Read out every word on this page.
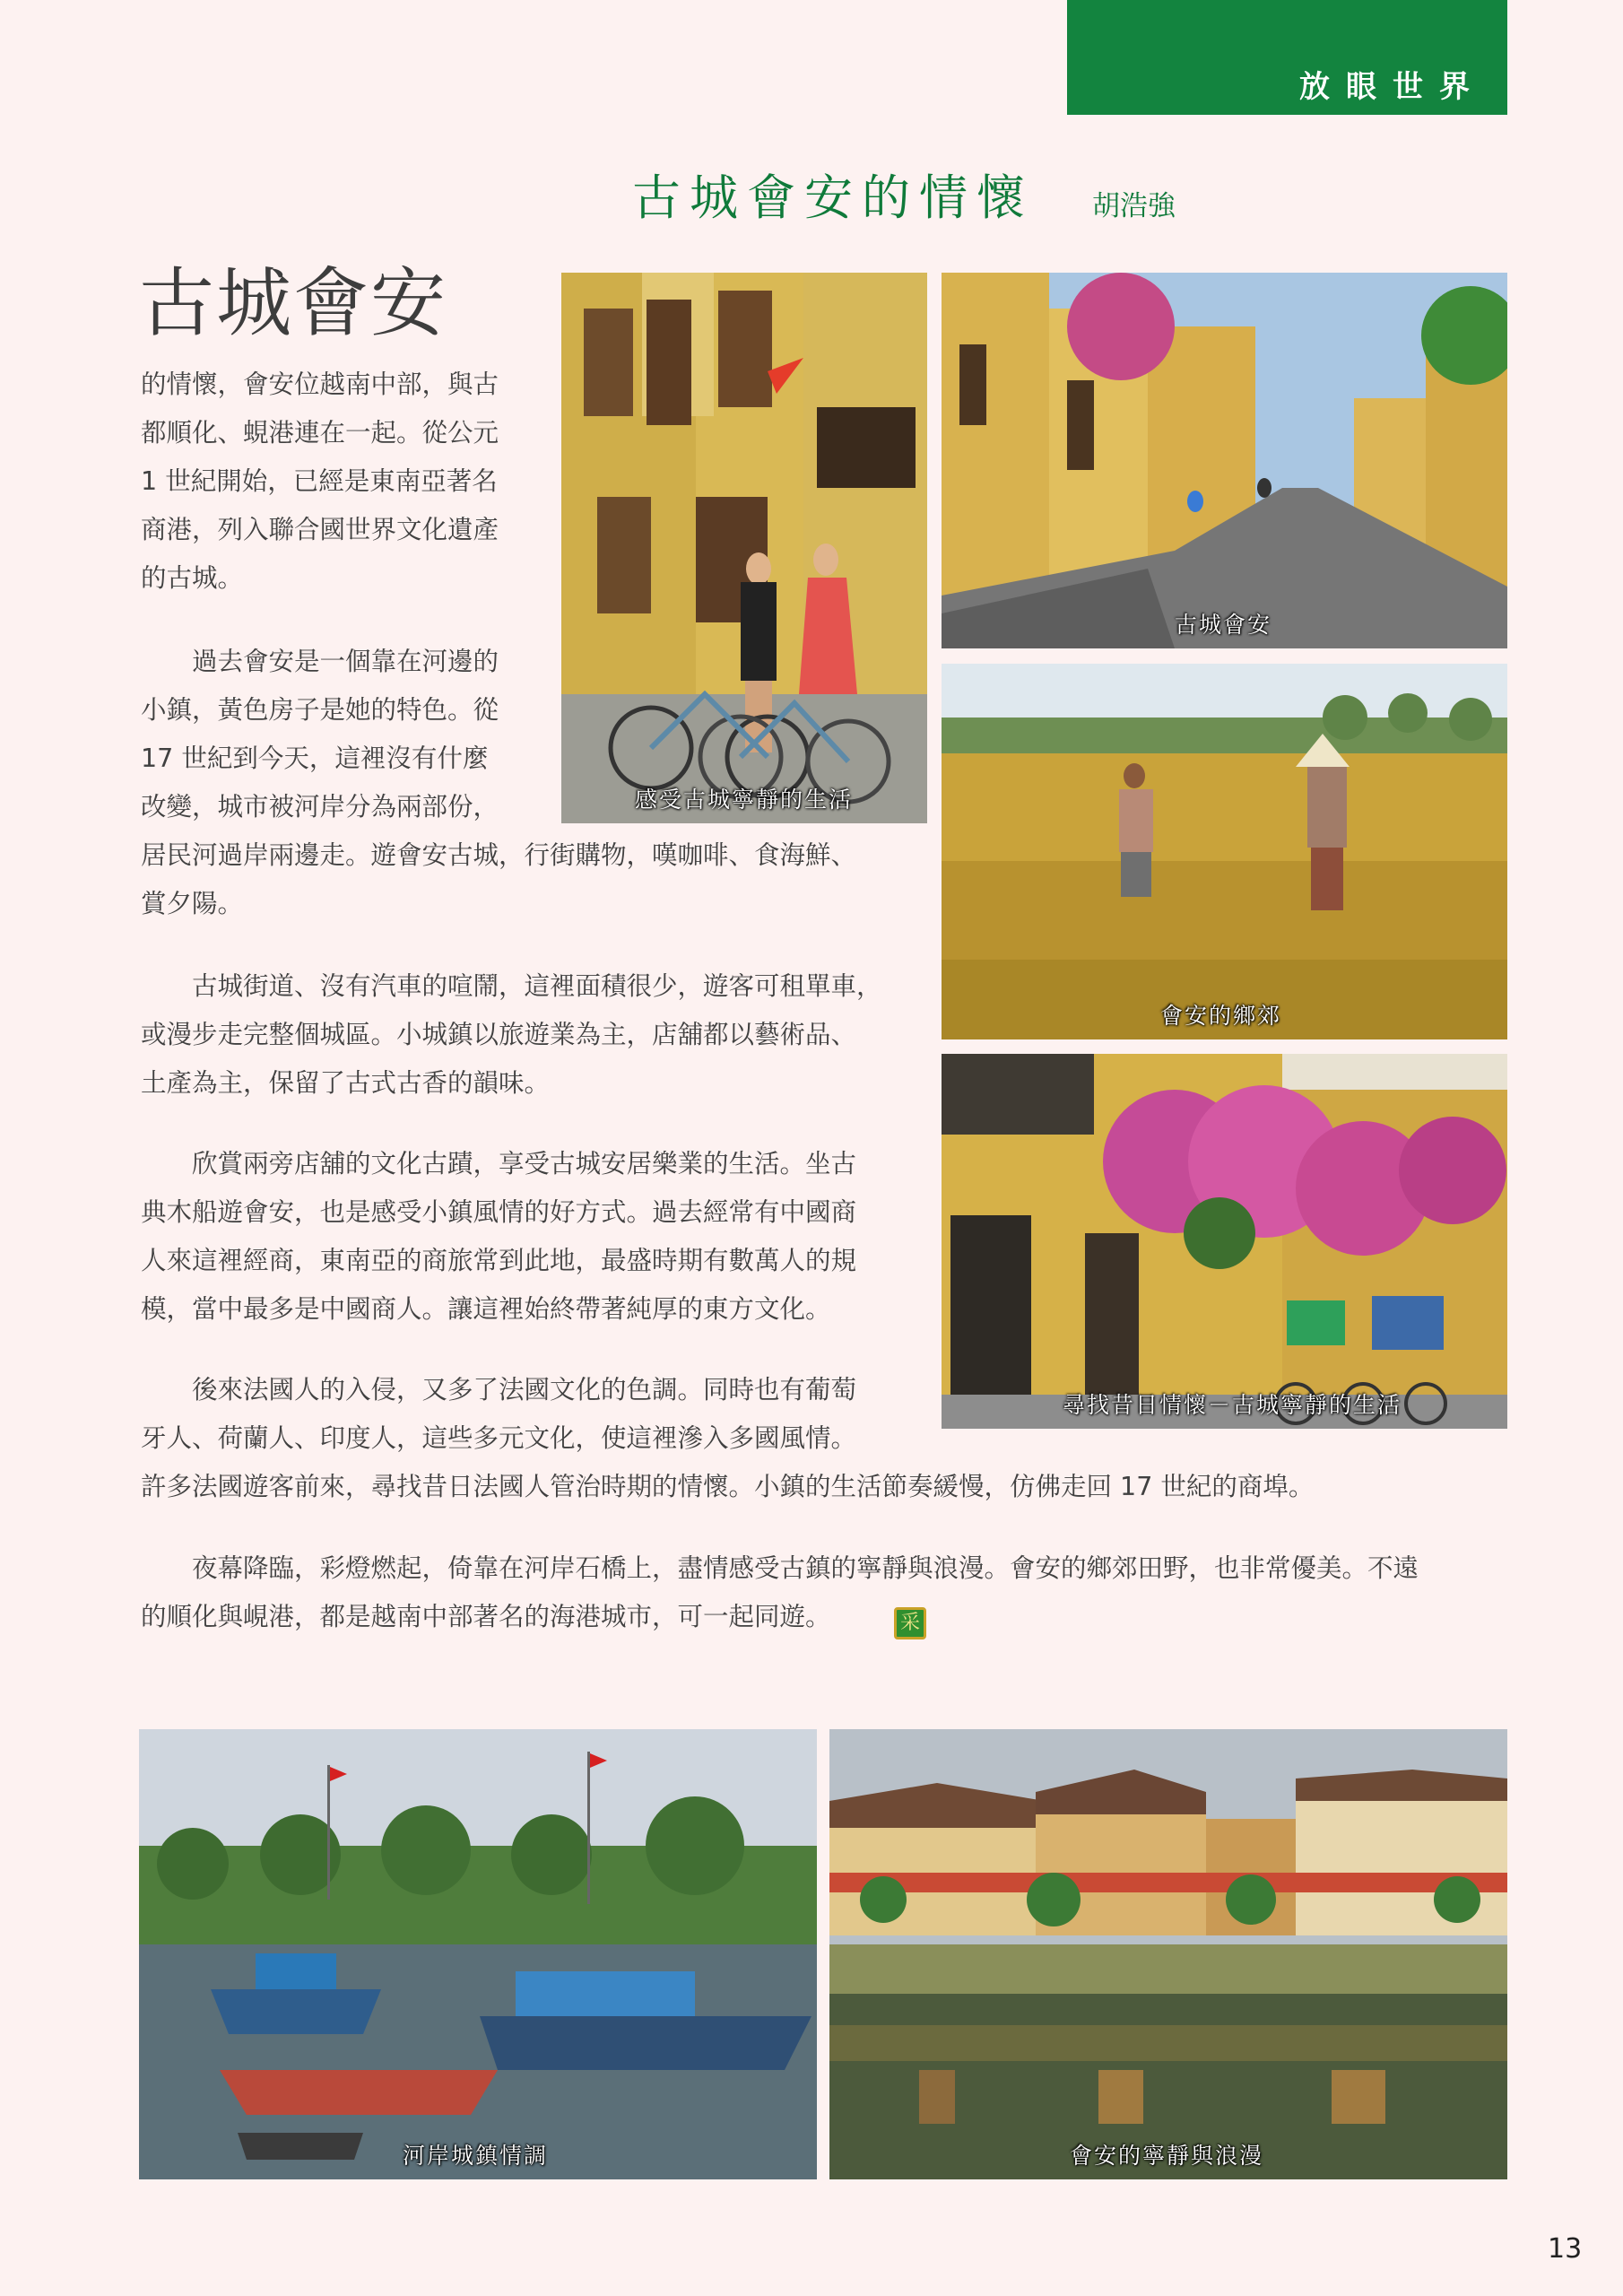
放眼世界
古城會安的情懷 胡浩強
古城會安
的情懷，會安位越南中部，與古
都順化、蜆港連在一起。從公元
1 世紀開始，已經是東南亞著名
商港，列入聯合國世界文化遺產
的古城。
過去會安是一個靠在河邊的
小鎮，黃色房子是她的特色。從
17 世紀到今天，這裡沒有什麼
改變，城市被河岸分為兩部份，
居民河過岸兩邊走。遊會安古城，行街購物，嘆咖啡、食海鮮、
賞夕陽。
古城街道、沒有汽車的喧鬧，這裡面積很少，遊客可租單車，
或漫步走完整個城區。小城鎮以旅遊業為主，店舖都以藝術品、
土產為主，保留了古式古香的韻味。
欣賞兩旁店舖的文化古蹟，享受古城安居樂業的生活。坐古
典木船遊會安，也是感受小鎮風情的好方式。過去經常有中國商
人來這裡經商，東南亞的商旅常到此地，最盛時期有數萬人的規
模，當中最多是中國商人。讓這裡始終帶著純厚的東方文化。
後來法國人的入侵，又多了法國文化的色調。同時也有葡萄
牙人、荷蘭人、印度人，這些多元文化，使這裡滲入多國風情。
許多法國遊客前來，尋找昔日法國人管治時期的情懷。小鎮的生活節奏緩慢，仿佛走回 17 世紀的商埠。
夜幕降臨，彩燈燃起，倚靠在河岸石橋上，盡情感受古鎮的寧靜與浪漫。會安的鄉郊田野，也非常優美。不遠
的順化與峴港，都是越南中部著名的海港城市，可一起同遊。	采
感受古城寧靜的生活
古城會安
會安的鄉郊
尋找昔日情懷－古城寧靜的生活
河岸城鎮情調	會安的寧靜與浪漫
13
